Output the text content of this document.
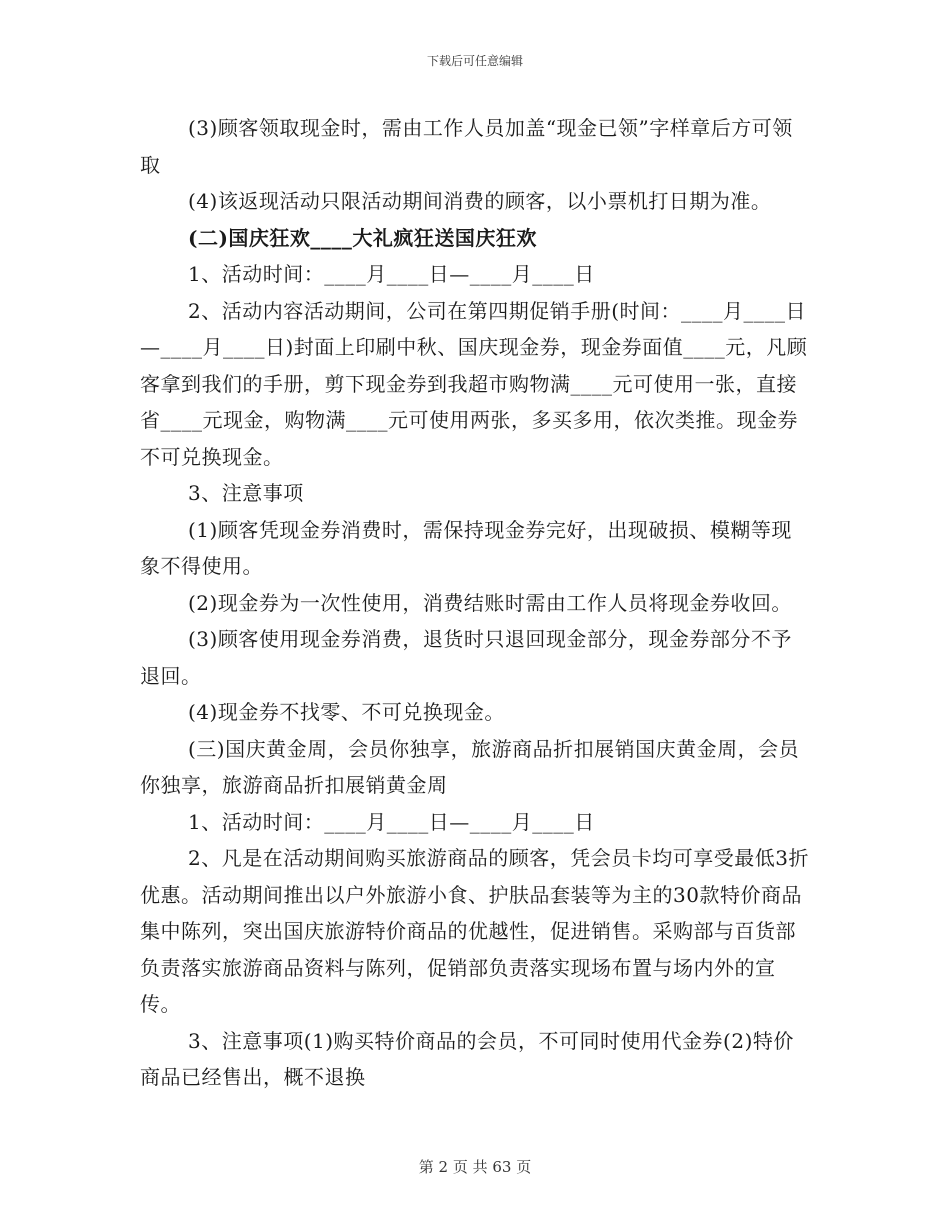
下载后可任意编辑

(3)顾客领取现金时，需由工作人员加盖“现金已领”字样章后方可领取

(4)该返现活动只限活动期间消费的顾客，以小票机打日期为准。

(二)国庆狂欢____大礼疯狂送国庆狂欢

1、活动时间：____月____日—____月____日

2、活动内容活动期间，公司在第四期促销手册(时间：____月____日—____月____日)封面上印刷中秋、国庆现金券，现金券面值____元，凡顾客拿到我们的手册，剪下现金券到我超市购物满____元可使用一张，直接省____元现金，购物满____元可使用两张，多买多用，依次类推。现金券不可兑换现金。

3、注意事项

(1)顾客凭现金券消费时，需保持现金券完好，出现破损、模糊等现象不得使用。

(2)现金券为一次性使用，消费结账时需由工作人员将现金券收回。

(3)顾客使用现金券消费，退货时只退回现金部分，现金券部分不予退回。

(4)现金券不找零、不可兑换现金。

(三)国庆黄金周，会员你独享，旅游商品折扣展销国庆黄金周，会员你独享，旅游商品折扣展销黄金周

1、活动时间：____月____日—____月____日

2、凡是在活动期间购买旅游商品的顾客，凭会员卡均可享受最低3折优惠。活动期间推出以户外旅游小食、护肤品套装等为主的30款特价商品集中陈列，突出国庆旅游特价商品的优越性，促进销售。采购部与百货部负责落实旅游商品资料与陈列，促销部负责落实现场布置与场内外的宣传。

3、注意事项(1)购买特价商品的会员，不可同时使用代金券(2)特价商品已经售出，概不退换

第 2 页 共 63 页
